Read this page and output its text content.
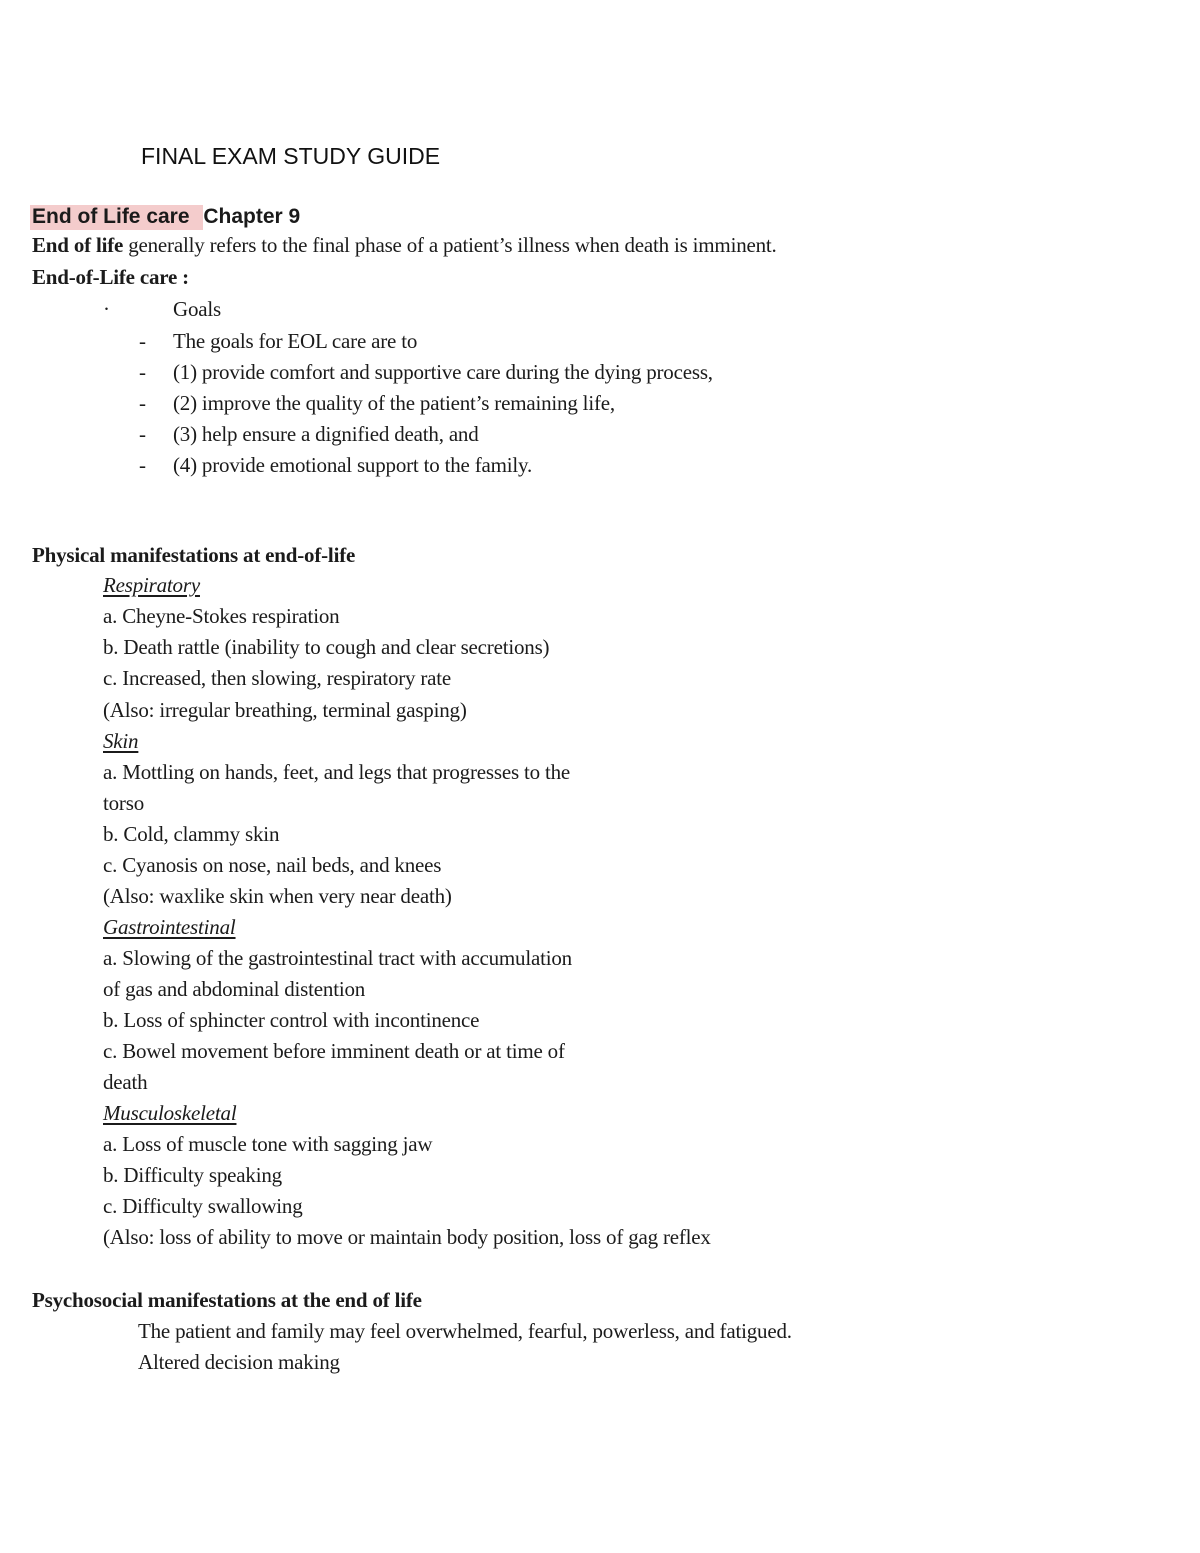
FINAL EXAM STUDY GUIDE
End of Life care Chapter 9
End of life generally refers to the final phase of a patient’s illness when death is imminent.
End-of-Life care :
·	Goals
- The goals for EOL care are to
- (1) provide comfort and supportive care during the dying process,
- (2) improve the quality of the patient’s remaining life,
- (3) help ensure a dignified death, and
- (4) provide emotional support to the family.
Physical manifestations at end-of-life
Respiratory
a. Cheyne-Stokes respiration
b. Death rattle (inability to cough and clear secretions)
c. Increased, then slowing, respiratory rate
(Also: irregular breathing, terminal gasping)
Skin
a. Mottling on hands, feet, and legs that progresses to the
torso
b. Cold, clammy skin
c. Cyanosis on nose, nail beds, and knees
(Also: waxlike skin when very near death)
Gastrointestinal
a. Slowing of the gastrointestinal tract with accumulation
of gas and abdominal distention
b. Loss of sphincter control with incontinence
c. Bowel movement before imminent death or at time of
death
Musculoskeletal
a. Loss of muscle tone with sagging jaw
b. Difficulty speaking
c. Difficulty swallowing
(Also: loss of ability to move or maintain body position, loss of gag reflex
Psychosocial manifestations at the end of life
The patient and family may feel overwhelmed, fearful, powerless, and fatigued.
Altered decision making
